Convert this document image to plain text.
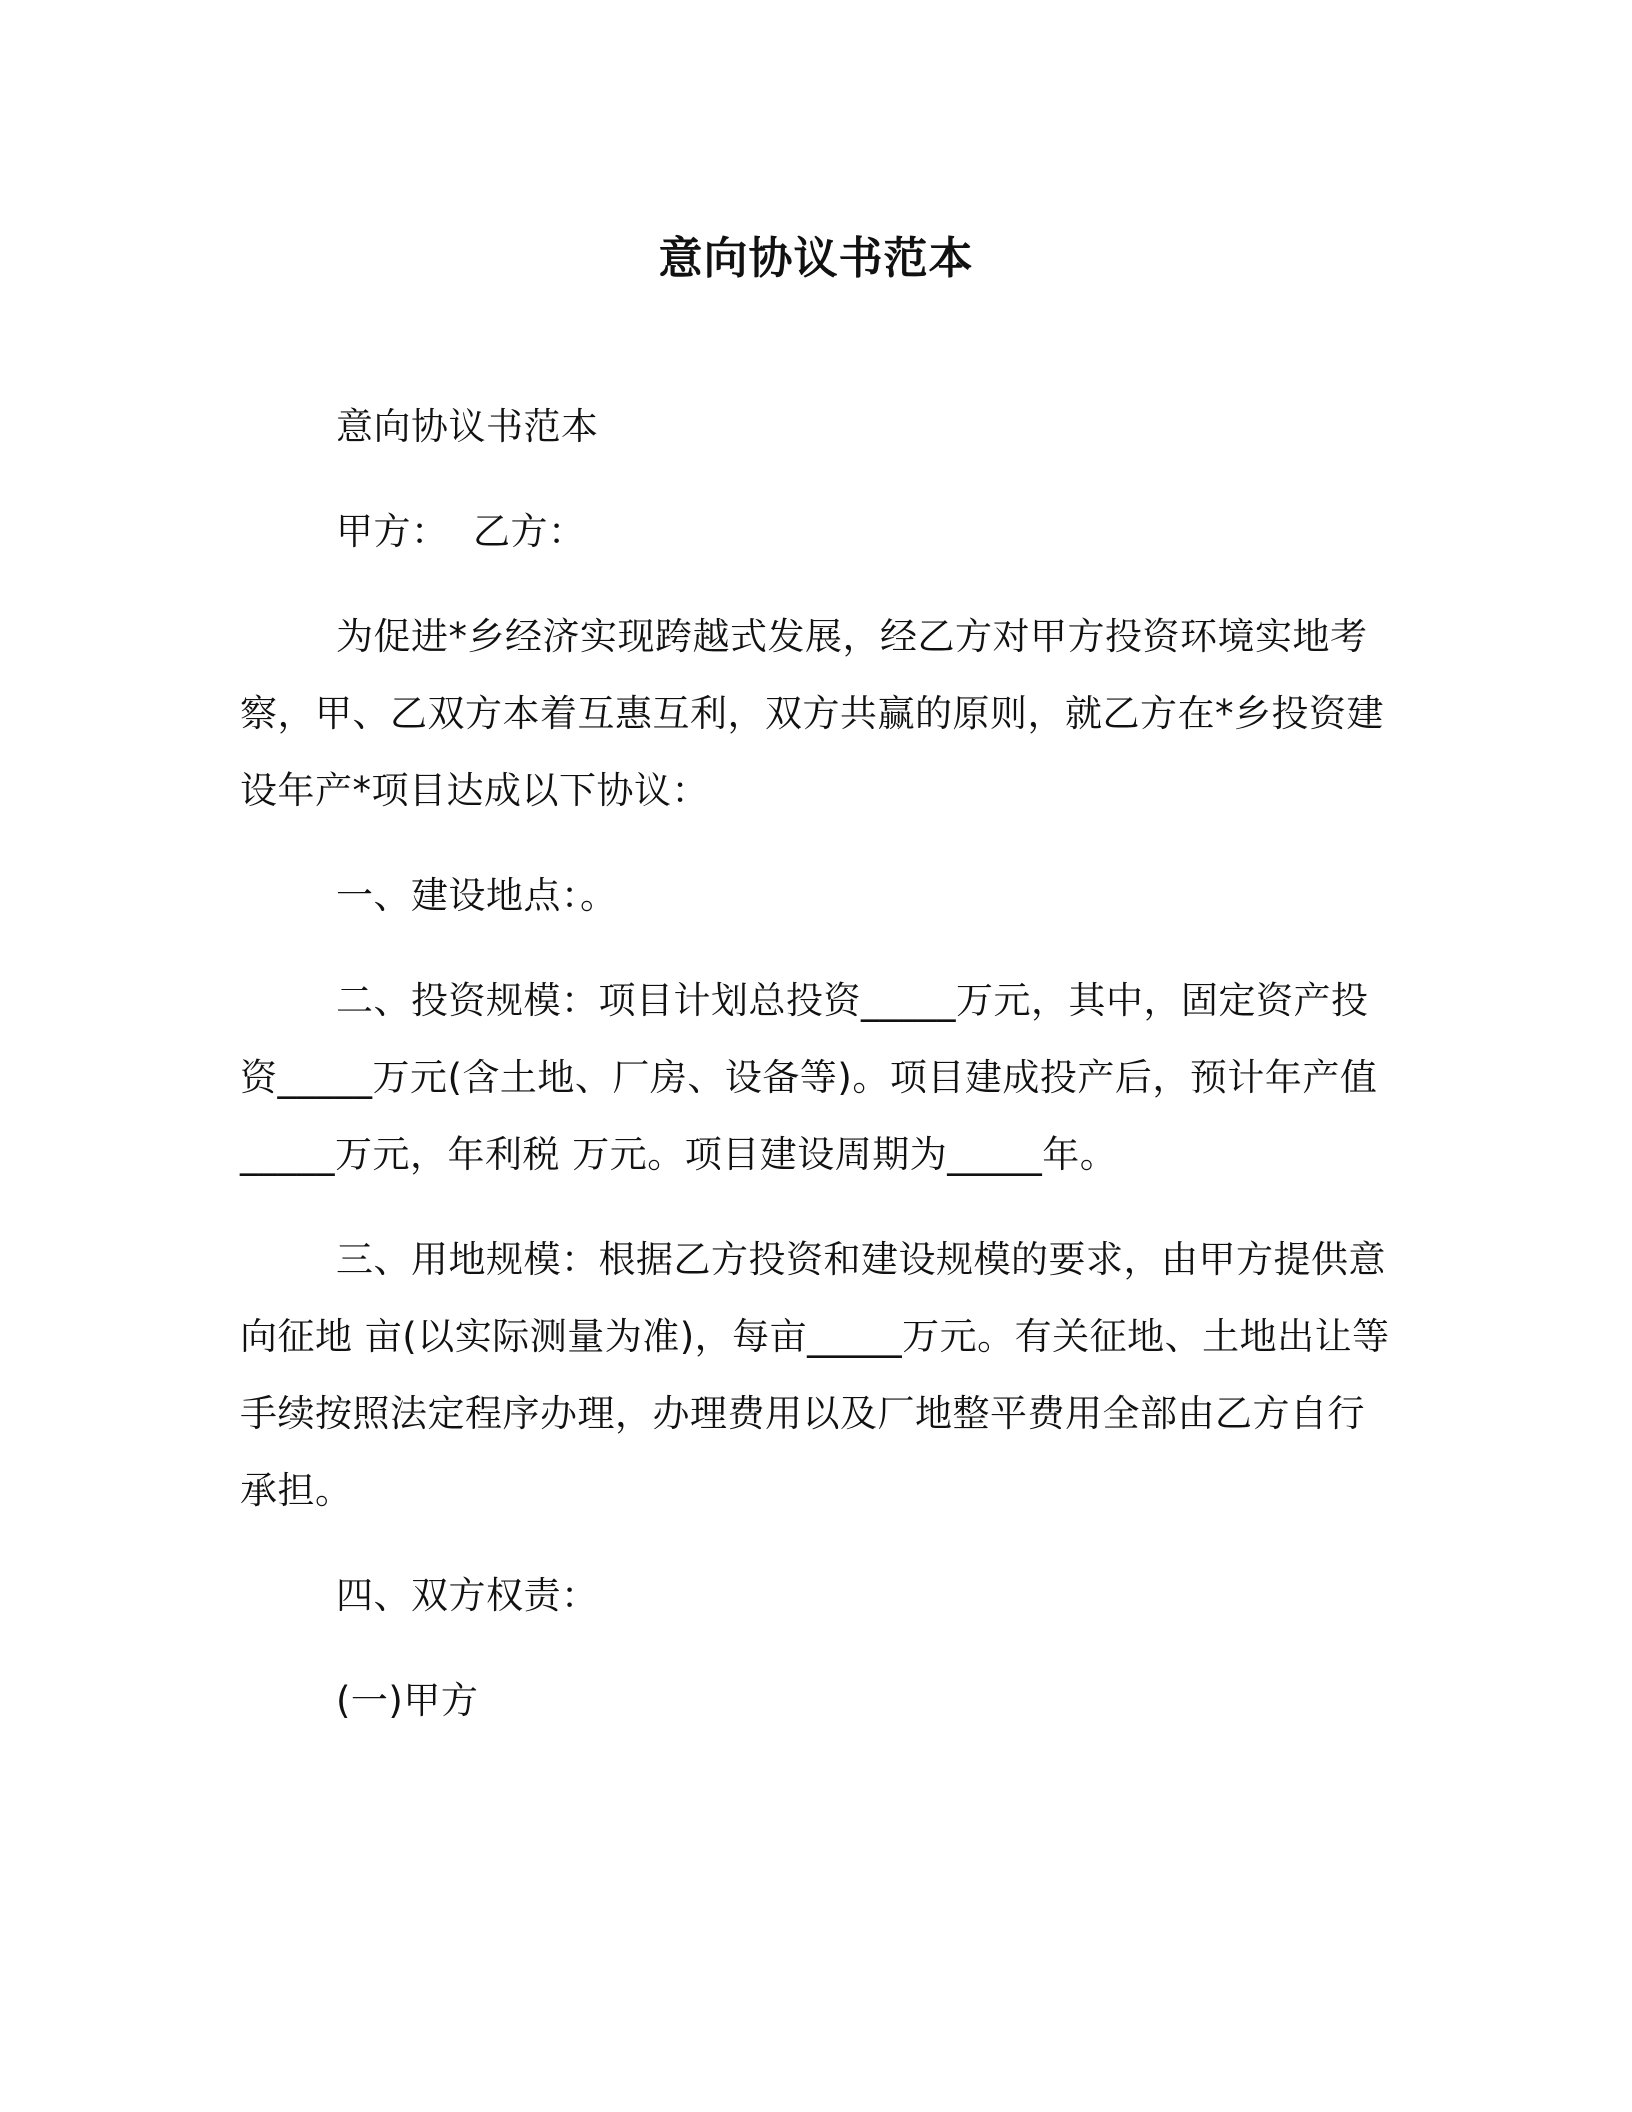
意向协议书范本

意向协议书范本

甲方：  乙方：

为促进*乡经济实现跨越式发展，经乙方对甲方投资环境实地考察，甲、乙双方本着互惠互利，双方共赢的原则，就乙方在*乡投资建设年产*项目达成以下协议：

一、建设地点：。

二、投资规模：项目计划总投资_____万元，其中，固定资产投资_____万元(含土地、厂房、设备等)。项目建成投产后，预计年产值_____万元，年利税 万元。项目建设周期为_____年。

三、用地规模：根据乙方投资和建设规模的要求，由甲方提供意向征地 亩(以实际测量为准)，每亩_____万元。有关征地、土地出让等手续按照法定程序办理，办理费用以及厂地整平费用全部由乙方自行承担。

四、双方权责：

(一)甲方
